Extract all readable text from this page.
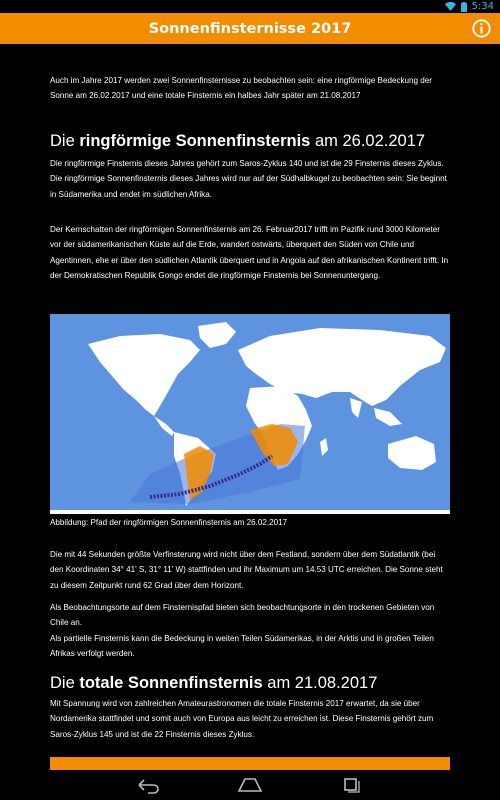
5:34
Sonnenfinsternisse 2017

Auch im Jahre 2017 werden zwei Sonnenfinsternisse zu beobachten sein: eine ringförmige Bedeckung der Sonne am 26.02.2017 und eine totale Finsternis ein halbes Jahr später am 21.08.2017

Die ringförmige Sonnenfinsternis am 26.02.2017

Die ringförmige Finsternis dieses Jahres gehört zum Saros-Zyklus 140 und ist die 29 Finsternis dieses Zyklus.

Die ringförmige Sonnenfinsternis dieses Jahres wird nur auf der Südhalbkugel zu beobachten sein: Sie beginnt in Südamerika und endet im südlichen Afrika.

Der Kernschatten der ringförmigen Sonnenfinsternis am 26. Februar2017 trifft im Pazifik rund 3000 Kilometer vor der südamerikanischen Küste auf die Erde, wandert ostwärts, überquert den Süden von Chile und Agentinnen, ehe er über den südlichen Atlantik überquert und in Angola auf den afrikanischen Kontinent trifft. In der Demokratischen Republik Gongo endet die ringförmige Finsternis bei Sonnenuntergang.

Abbildung: Pfad der ringförmigen Sonnenfinsternis am 26.02.2017

Die mit 44 Sekunden größte Verfinsterung wird nicht über dem Festland, sondern über dem Südatlantik (bei den Koordinaten 34° 41' S, 31° 11' W) stattfinden und ihr Maximum um 14.53 UTC erreichen. Die Sonne steht zu diesem Zeitpunkt rund 62 Grad über dem Horizont.

Als Beobachtungsorte auf dem Finsternispfad bieten sich beobachtungsorte in den trockenen Gebieten von Chile an.

Als partielle Finsternis kann die Bedeckung in weiten Teilen Südamerikas, in der Arktis und in großen Teilen Afrikas verfolgt werden.

Die totale Sonnenfinsternis am 21.08.2017

Mit Spannung wird von zahlreichen Amateurastronomen die totale Finsternis 2017 erwartet, da sie über Nordamerika stattfindet und somit auch von Europa aus leicht zu erreichen ist. Diese Finsternis gehört zum Saros-Zyklus 145 und ist die 22 Finsternis dieses Zyklus.
